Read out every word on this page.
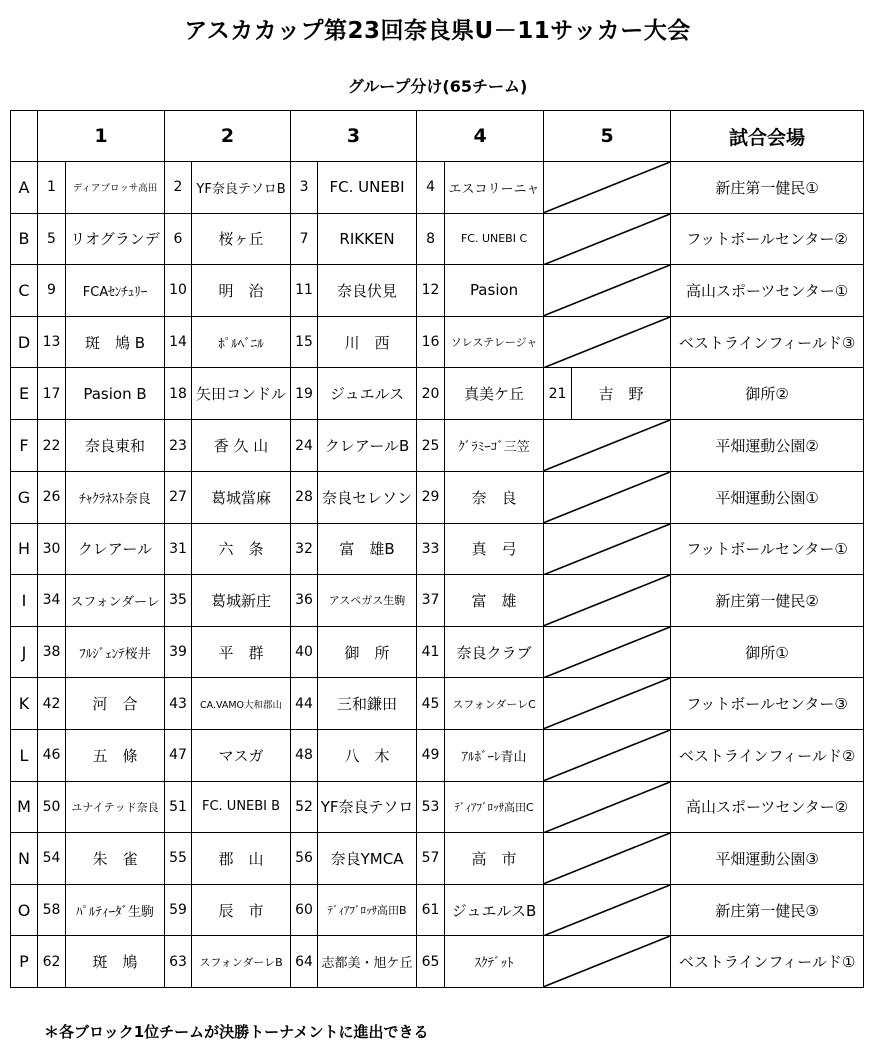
アスカカップ第23回奈良県U－11サッカー大会
グループ分け(65チーム)
	1		2		3		4		5	試合会場
A	1	ディアブロッサ高田	2	YF奈良テソロB	3	FC. UNEBI	4	エスコリーニャ		新庄第一健民①
B	5	リオグランデ	6	桜ヶ丘	7	RIKKEN	8	FC. UNEBI C		フットボールセンター②
C	9	FCAｾﾝﾁｭﾘｰ	10	明　治	11	奈良伏見	12	Pasion		高山スポーツセンター①
D	13	斑　鳩 B	14	ﾎﾟﾙﾍﾞﾆﾙ	15	川　西	16	ソレステレージャ		ベストラインフィールド③
E	17	Pasion B	18	矢田コンドル	19	ジュエルス	20	真美ケ丘	21 吉　野	御所②
F	22	奈良東和	23	香 久 山	24	クレアールB	25	ｸﾞﾗﾐｰｺﾞ三笠		平畑運動公園②
G	26	ﾁｬｸﾗﾈｽﾄ奈良	27	葛城當麻	28	奈良セレソン	29	奈　良		平畑運動公園①
H	30	クレアール	31	六　条	32	富　雄B	33	真　弓		フットボールセンター①
I	34	スフォンダーレ	35	葛城新庄	36	アスペガス生駒	37	富　雄		新庄第一健民②
J	38	ﾌﾙｼﾞｪﾝﾃ桜井	39	平　群	40	御　所	41	奈良クラブ		御所①
K	42	河　合	43	CA.VAMO大和郡山	44	三和鎌田	45	スフォンダーレC		フットボールセンター③
L	46	五　條	47	マスガ	48	八　木	49	ｱﾙﾎﾞｰﾚ青山		ベストラインフィールド②
M	50	ユナイテッド奈良	51	FC. UNEBI B	52	YF奈良テソロ	53	ﾃﾞｨｱﾌﾞﾛｯｻ高田C		高山スポーツセンター②
N	54	朱　雀	55	郡　山	56	奈良YMCA	57	高　市		平畑運動公園③
O	58	ﾊﾟﾙﾃｨｰﾀﾞ生駒	59	辰　市	60	ﾃﾞｨｱﾌﾞﾛｯｻ高田B	61	ジュエルスB		新庄第一健民③
P	62	斑　鳩	63	スフォンダーレB	64	志都美・旭ケ丘	65	ｽｸﾃﾞｯﾄ		ベストラインフィールド①
＊各ブロック1位チームが決勝トーナメントに進出できる
